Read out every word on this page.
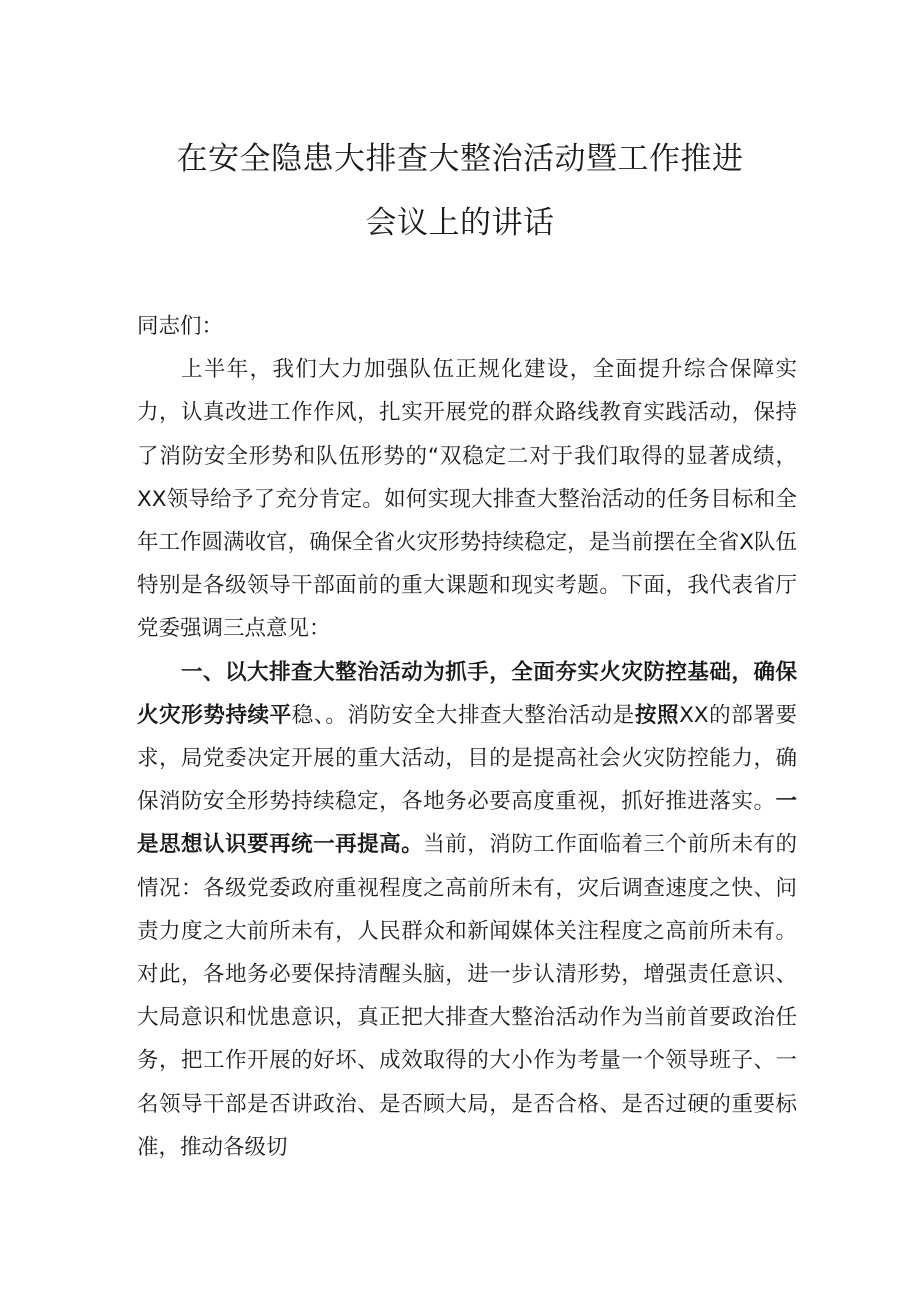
在安全隐患大排查大整治活动暨工作推进
会议上的讲话

同志们：

上半年，我们大力加强队伍正规化建设，全面提升综合保障实力，认真改进工作作风，扎实开展党的群众路线教育实践活动，保持了消防安全形势和队伍形势的“双稳定二对于我们取得的显著成绩，XX领导给予了充分肯定。如何实现大排查大整治活动的任务目标和全年工作圆满收官，确保全省火灾形势持续稳定，是当前摆在全省X队伍特别是各级领导干部面前的重大课题和现实考题。下面，我代表省厅党委强调三点意见：

一、以大排查大整治活动为抓手，全面夯实火灾防控基础，确保火灾形势持续平稳、。消防安全大排查大整治活动是按照XX的部署要求，局党委决定开展的重大活动，目的是提高社会火灾防控能力，确保消防安全形势持续稳定，各地务必要高度重视，抓好推进落实。一是思想认识要再统一再提高。当前，消防工作面临着三个前所未有的情况：各级党委政府重视程度之高前所未有，灾后调查速度之快、问责力度之大前所未有，人民群众和新闻媒体关注程度之高前所未有。对此，各地务必要保持清醒头脑，进一步认清形势，增强责任意识、大局意识和忧患意识，真正把大排查大整治活动作为当前首要政治任务，把工作开展的好坏、成效取得的大小作为考量一个领导班子、一名领导干部是否讲政治、是否顾大局，是否合格、是否过硬的重要标准，推动各级切
